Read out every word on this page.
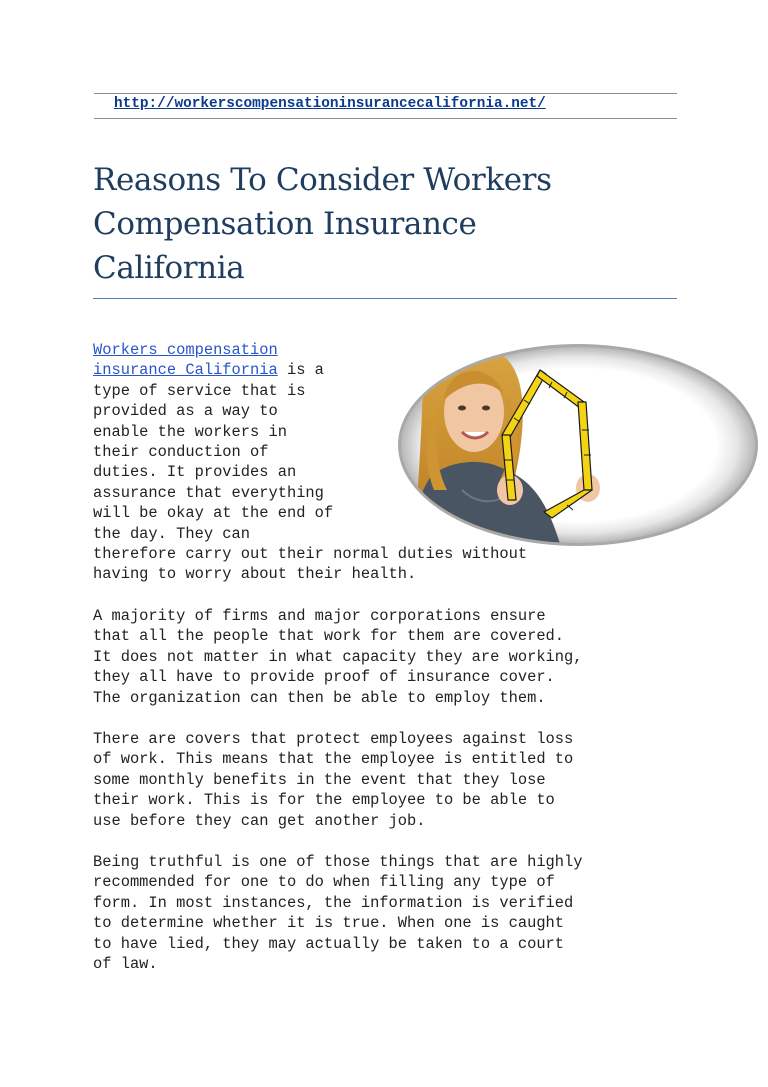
http://workerscompensationinsurancecalifornia.net/
Reasons To Consider Workers
Compensation Insurance
California

Workers compensation
insurance California is a
type of service that is
provided as a way to
enable the workers in
their conduction of
duties. It provides an
assurance that everything
will be okay at the end of
the day. They can
therefore carry out their normal duties without
having to worry about their health.

A majority of firms and major corporations ensure
that all the people that work for them are covered.
It does not matter in what capacity they are working,
they all have to provide proof of insurance cover.
The organization can then be able to employ them.

There are covers that protect employees against loss
of work. This means that the employee is entitled to
some monthly benefits in the event that they lose
their work. This is for the employee to be able to
use before they can get another job.

Being truthful is one of those things that are highly
recommended for one to do when filling any type of
form. In most instances, the information is verified
to determine whether it is true. When one is caught
to have lied, they may actually be taken to a court
of law.
